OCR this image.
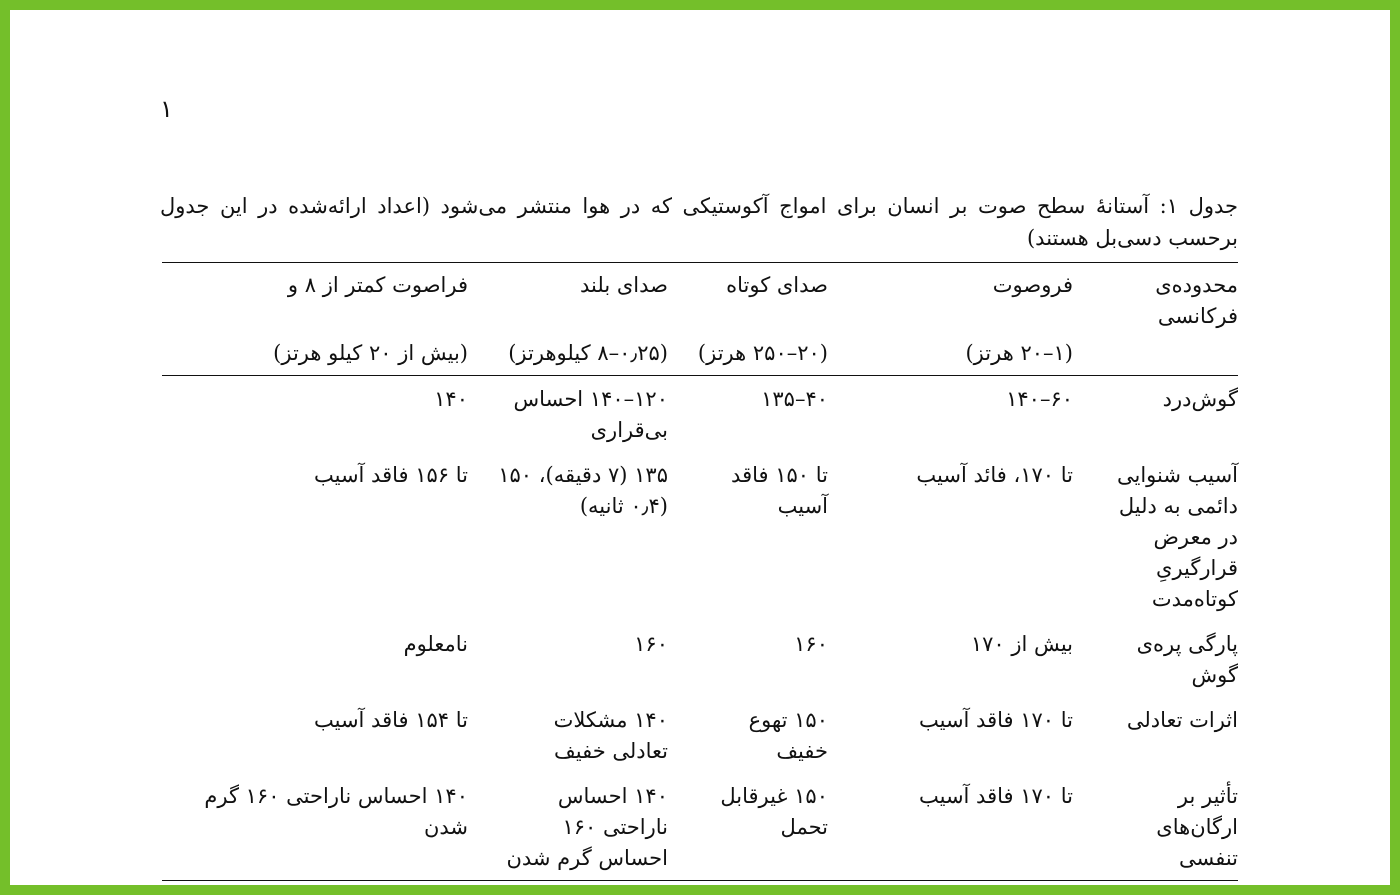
۱
جدول ۱: آستانهٔ سطح صوت بر انسان برای امواج آکوستیکی که در هوا منتشر می‌شود (اعداد ارائه‌شده در این جدول برحسب دسی‌بل هستند)
محدوده‌ی فرکانسی	فروصوت	صدای کوتاه	صدای بلند	فراصوت کمتر از ۸ و
	(۱–۲۰ هرتز)	(۲۰–۲۵۰ هرتز)	(۰٫۲۵–۸ کیلوهرتز)	(بیش از ۲۰ کیلو هرتز)
گوش‌درد	۶۰–۱۴۰	۴۰–۱۳۵	۱۲۰–۱۴۰ احساس بی‌قراری	۱۴۰
آسیب شنوایی دائمی به دلیل در معرض قرارگیریِ کوتاه‌مدت	تا ۱۷۰، فائد آسیب	تا ۱۵۰ فاقد آسیب	۱۳۵ (۷ دقیقه)، ۱۵۰ (۰٫۴ ثانیه)	تا ۱۵۶ فاقد آسیب
پارگی پره‌ی گوش	بیش از ۱۷۰	۱۶۰	۱۶۰	نامعلوم
اثرات تعادلی	تا ۱۷۰ فاقد آسیب	۱۵۰ تهوع خفیف	۱۴۰ مشکلات تعادلی خفیف	تا ۱۵۴ فاقد آسیب
تأثیر بر ارگان‌های تنفسی	تا ۱۷۰ فاقد آسیب	۱۵۰ غیرقابل تحمل	۱۴۰ احساس ناراحتی ۱۶۰ احساس گرم شدن	۱۴۰ احساس ناراحتی ۱۶۰ گرم شدن
